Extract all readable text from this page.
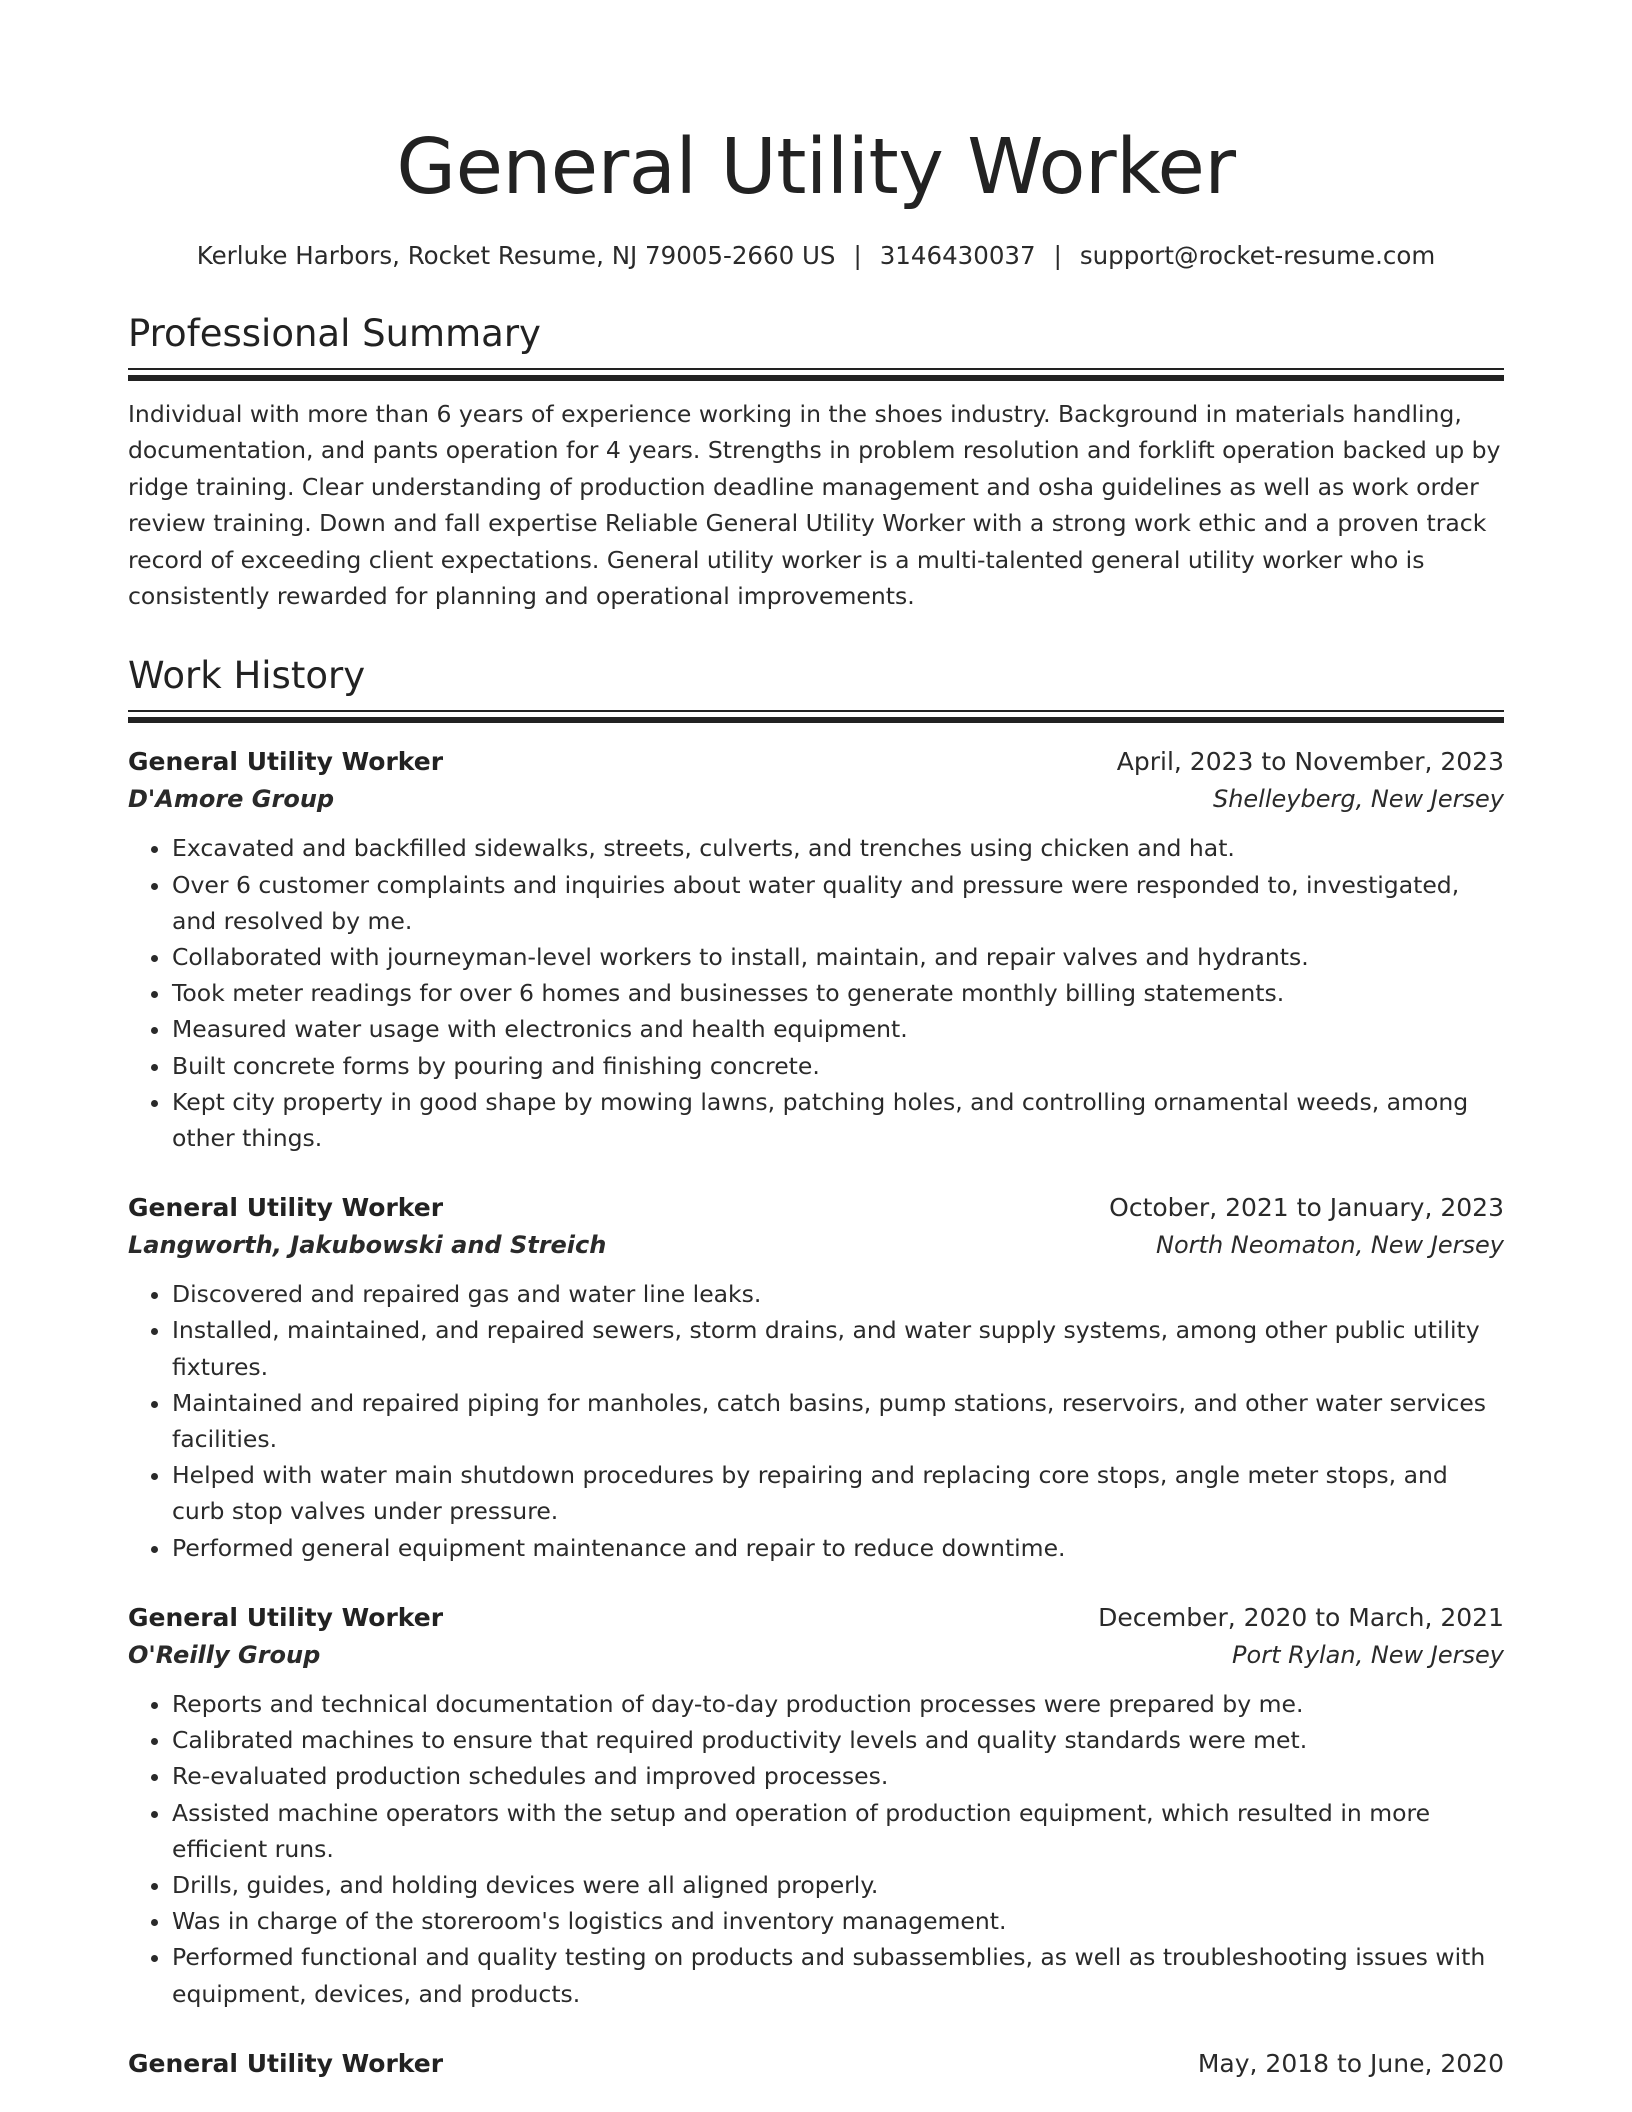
General Utility Worker
Kerluke Harbors, Rocket Resume, NJ 79005-2660 US | 3146430037 | support@rocket-resume.com
Professional Summary

Individual with more than 6 years of experience working in the shoes industry. Background in materials handling, documentation, and pants operation for 4 years. Strengths in problem resolution and forklift operation backed up by ridge training. Clear understanding of production deadline management and osha guidelines as well as work order review training. Down and fall expertise Reliable General Utility Worker with a strong work ethic and a proven track record of exceeding client expectations. General utility worker is a multi-talented general utility worker who is consistently rewarded for planning and operational improvements.

Work History
General Utility Worker	April, 2023 to November, 2023
D'Amore Group	Shelleyberg, New Jersey
• Excavated and backfilled sidewalks, streets, culverts, and trenches using chicken and hat.
• Over 6 customer complaints and inquiries about water quality and pressure were responded to, investigated, and resolved by me.
• Collaborated with journeyman-level workers to install, maintain, and repair valves and hydrants.
• Took meter readings for over 6 homes and businesses to generate monthly billing statements.
• Measured water usage with electronics and health equipment.
• Built concrete forms by pouring and finishing concrete.
• Kept city property in good shape by mowing lawns, patching holes, and controlling ornamental weeds, among other things.
General Utility Worker	October, 2021 to January, 2023
Langworth, Jakubowski and Streich	North Neomaton, New Jersey
• Discovered and repaired gas and water line leaks.
• Installed, maintained, and repaired sewers, storm drains, and water supply systems, among other public utility fixtures.
• Maintained and repaired piping for manholes, catch basins, pump stations, reservoirs, and other water services facilities.
• Helped with water main shutdown procedures by repairing and replacing core stops, angle meter stops, and curb stop valves under pressure.
• Performed general equipment maintenance and repair to reduce downtime.
General Utility Worker	December, 2020 to March, 2021
O'Reilly Group	Port Rylan, New Jersey
• Reports and technical documentation of day-to-day production processes were prepared by me.
• Calibrated machines to ensure that required productivity levels and quality standards were met.
• Re-evaluated production schedules and improved processes.
• Assisted machine operators with the setup and operation of production equipment, which resulted in more efficient runs.
• Drills, guides, and holding devices were all aligned properly.
• Was in charge of the storeroom's logistics and inventory management.
• Performed functional and quality testing on products and subassemblies, as well as troubleshooting issues with equipment, devices, and products.
General Utility Worker	May, 2018 to June, 2020
